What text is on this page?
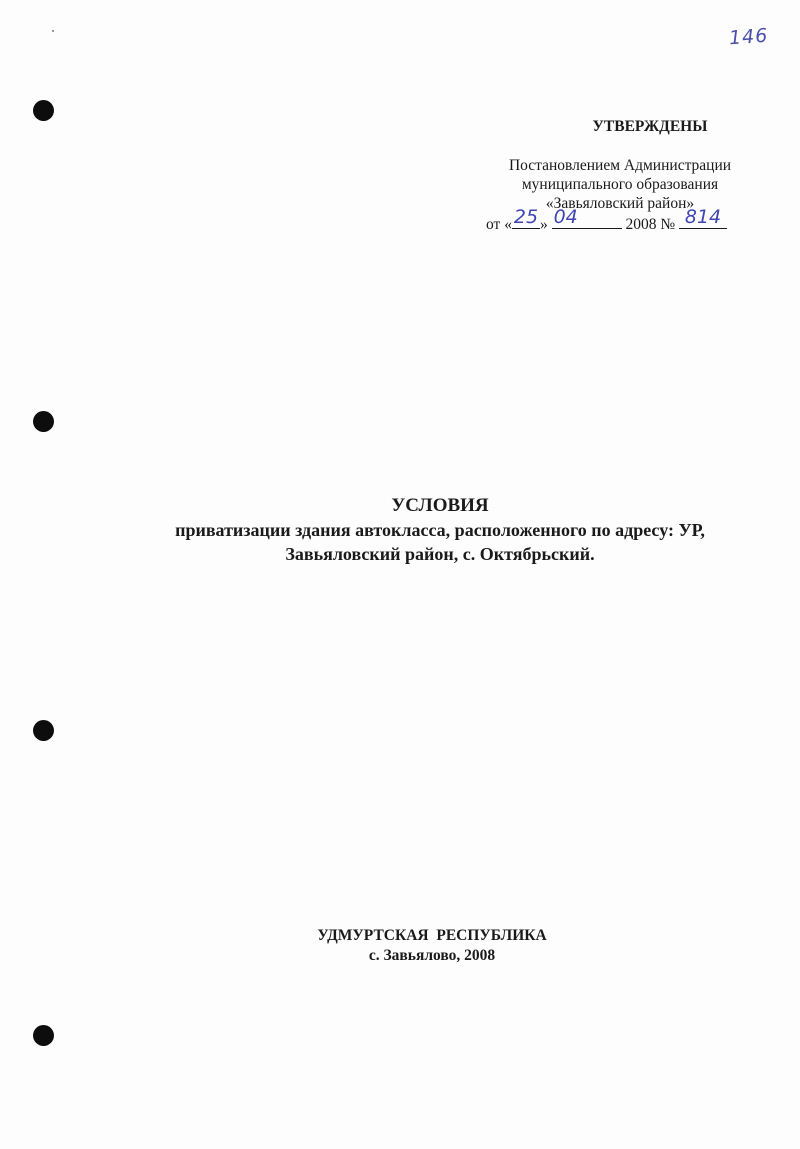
146
УТВЕРЖДЕНЫ
Постановлением Администрации
муниципального образования
«Завьяловский район»
от « 25 » 04	2008 № 814
УСЛОВИЯ
приватизации здания автокласса, расположенного по адресу: УР,
Завьяловский район, с. Октябрьский.
УДМУРТСКАЯ  РЕСПУБЛИКА
с. Завьялово, 2008
